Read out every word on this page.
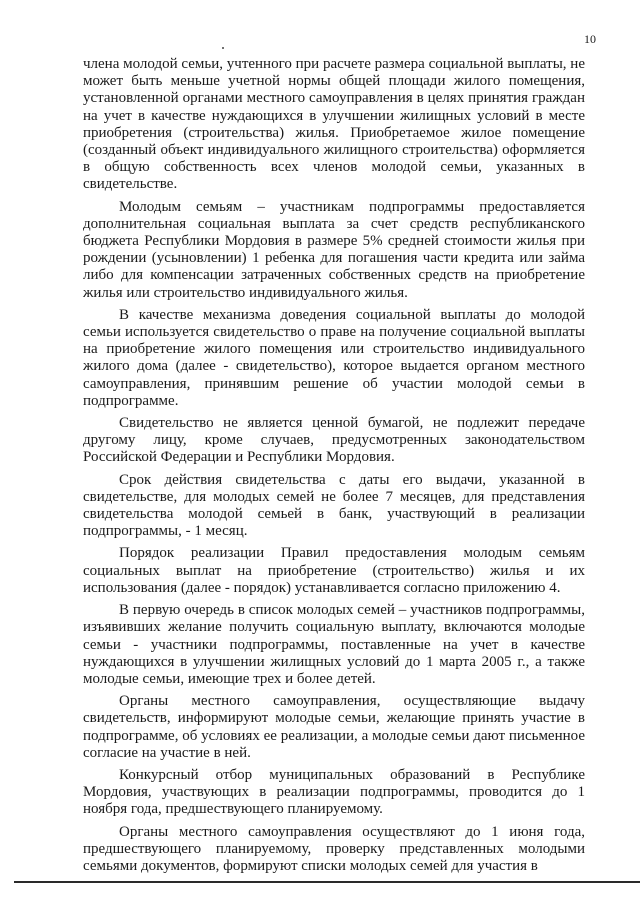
10

члена молодой семьи, учтенного при расчете размера социальной выплаты, не может быть меньше учетной нормы общей площади жилого помещения, установленной органами местного самоуправления в целях принятия граждан на учет в качестве нуждающихся в улучшении жилищных условий в месте приобретения (строительства) жилья. Приобретаемое жилое помещение (созданный объект индивидуального жилищного строительства) оформляется в общую собственность всех членов молодой семьи, указанных в свидетельстве.

Молодым семьям – участникам подпрограммы предоставляется дополнительная социальная выплата за счет средств республиканского бюджета Республики Мордовия в размере 5% средней стоимости жилья при рождении (усыновлении) 1 ребенка для погашения части кредита или займа либо для компенсации затраченных собственных средств на приобретение жилья или строительство индивидуального жилья.

В качестве механизма доведения социальной выплаты до молодой семьи используется свидетельство о праве на получение социальной выплаты на приобретение жилого помещения или строительство индивидуального жилого дома (далее - свидетельство), которое выдается органом местного самоуправления, принявшим решение об участии молодой семьи в подпрограмме.

Свидетельство не является ценной бумагой, не подлежит передаче другому лицу, кроме случаев, предусмотренных законодательством Российской Федерации и Республики Мордовия.

Срок действия свидетельства с даты его выдачи, указанной в свидетельстве, для молодых семей не более 7 месяцев, для представления свидетельства молодой семьей в банк, участвующий в реализации подпрограммы, - 1 месяц.

Порядок реализации Правил предоставления молодым семьям социальных выплат на приобретение (строительство) жилья и их использования (далее - порядок) устанавливается согласно приложению 4.

В первую очередь в список молодых семей – участников подпрограммы, изъявивших желание получить социальную выплату, включаются молодые семьи - участники подпрограммы, поставленные на учет в качестве нуждающихся в улучшении жилищных условий до 1 марта 2005 г., а также молодые семьи, имеющие трех и более детей.

Органы местного самоуправления, осуществляющие выдачу свидетельств, информируют молодые семьи, желающие принять участие в подпрограмме, об условиях ее реализации, а молодые семьи дают письменное согласие на участие в ней.

Конкурсный отбор муниципальных образований в Республике Мордовия, участвующих в реализации подпрограммы, проводится до 1 ноября года, предшествующего планируемому.

Органы местного самоуправления осуществляют до 1 июня года, предшествующего планируемому, проверку представленных молодыми семьями документов, формируют списки молодых семей для участия в
